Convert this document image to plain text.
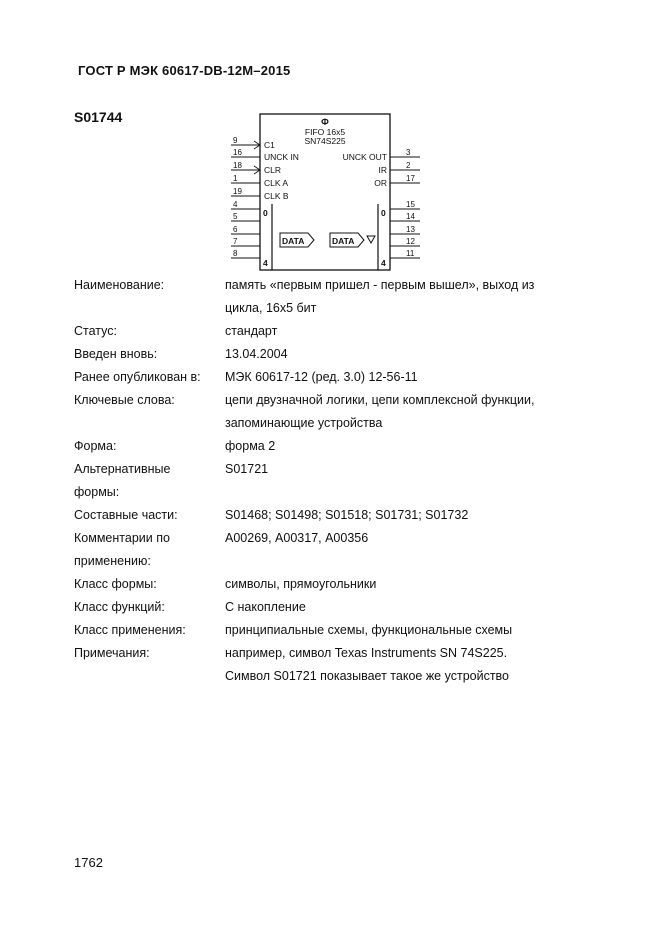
ГОСТ Р МЭК 60617-DB-12M–2015
S01744	Ф
FIFO 16x5
SN74S225
9	C1
16	UNCK IN
18	CLR
1	CLK A
19	CLK B
4
5
6
7
8
3
UNCK OUT
2
IR
17
OR
15
14
13
12
11
0
4
0
4
DATA	DATA
Наименование:	память «первым пришел - первым вышел», выход из
цикла, 16х5 бит
Статус:	стандарт
Введен вновь:	13.04.2004
Ранее опубликован в:	МЭК 60617-12 (ред. 3.0) 12-56-11
Ключевые слова:	цепи двузначной логики, цепи комплексной функции,
запоминающие устройства
Форма:	форма 2
Альтернативные
формы:
S01721
Составные части:	S01468; S01498; S01518; S01731; S01732
Комментарии по
применению:
А00269, А00317, А00356
Класс формы:	символы, прямоугольники
Класс функций:	С накопление
Класс применения:	принципиальные схемы, функциональные схемы
Примечания:	например, символ Texas Instruments SN 74S225.
Символ S01721 показывает такое же устройство
1762
